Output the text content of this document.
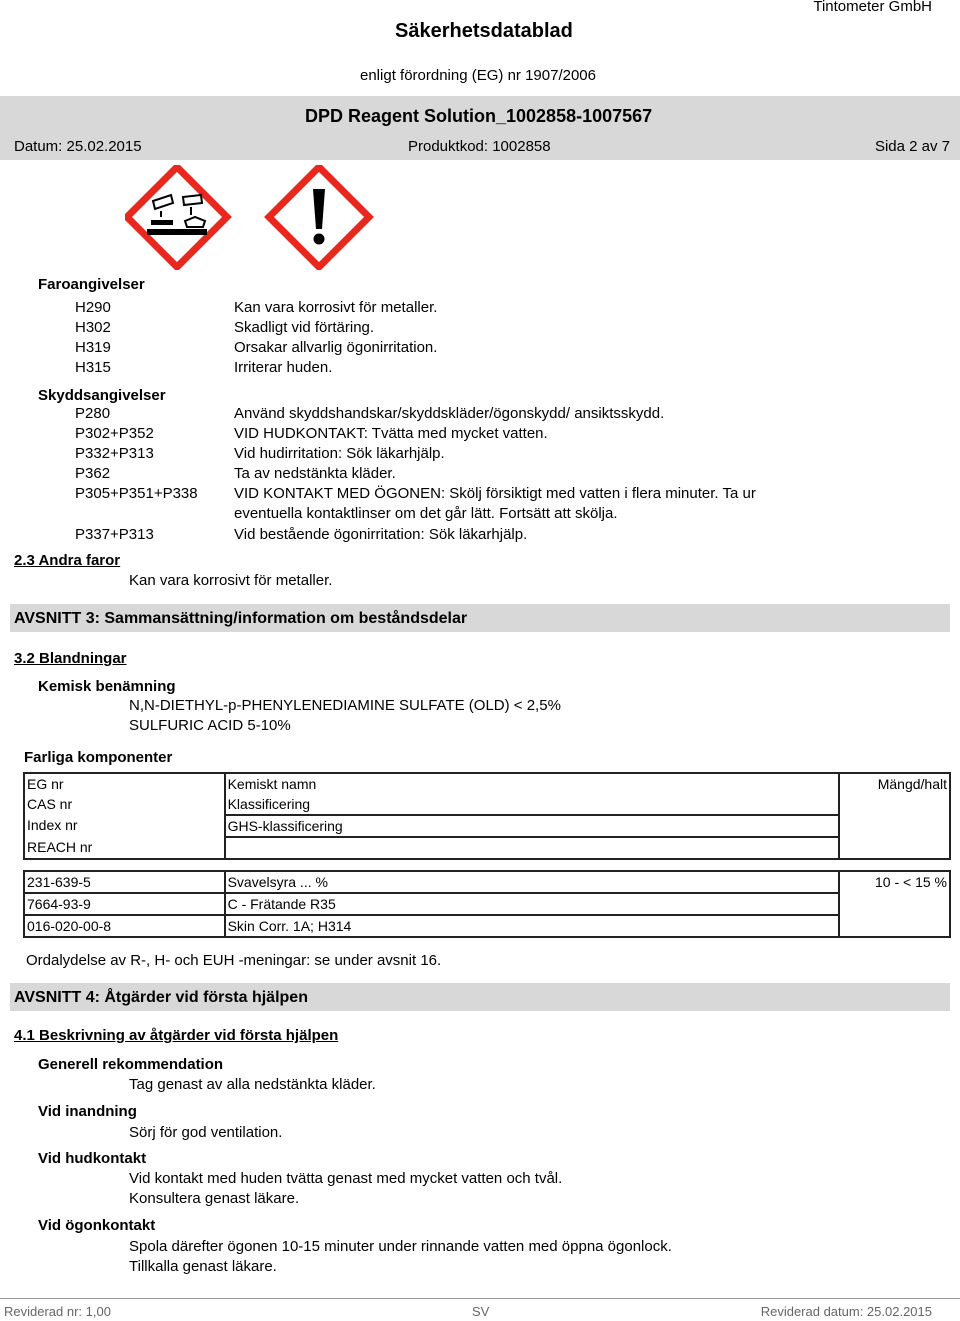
Säkerhetsdatablad
Tintometer GmbH
enligt förordning (EG) nr 1907/2006
DPD Reagent Solution_1002858-1007567
Datum: 25.02.2015	Produktkod: 1002858	Sida 2 av 7
Faroangivelser
H290	Kan vara korrosivt för metaller.
H302	Skadligt vid förtäring.
H319	Orsakar allvarlig ögonirritation.
H315	Irriterar huden.
Skyddsangivelser
P280	Använd skyddshandskar/skyddskläder/ögonskydd/ ansiktsskydd.
P302+P352	VID HUDKONTAKT: Tvätta med mycket vatten.
P332+P313	Vid hudirritation: Sök läkarhjälp.
P362	Ta av nedstänkta kläder.
P305+P351+P338 VID KONTAKT MED ÖGONEN: Skölj försiktigt med vatten i flera minuter. Ta ur
eventuella kontaktlinser om det går lätt. Fortsätt att skölja.
P337+P313	Vid bestående ögonirritation: Sök läkarhjälp.
2.3 Andra faror
Kan vara korrosivt för metaller.
AVSNITT 3: Sammansättning/information om beståndsdelar
3.2 Blandningar
Kemisk benämning
N,N-DIETHYL-p-PHENYLENEDIAMINE SULFATE (OLD) < 2,5%
SULFURIC ACID 5-10%
Farliga komponenter
EG nr	Kemiskt namn	Mängd/halt
CAS nr	Klassificering	
Index nr	GHS-klassificering	
REACH nr		

231-639-5	Svavelsyra ... %	10 - < 15 %
7664-93-9	C - Frätande R35	
016-020-00-8	Skin Corr. 1A; H314	
Ordalydelse av R-, H- och EUH -meningar: se under avsnit 16.
AVSNITT 4: Åtgärder vid första hjälpen
4.1 Beskrivning av åtgärder vid första hjälpen
Generell rekommendation
Tag genast av alla nedstänkta kläder.
Vid inandning
Sörj för god ventilation.
Vid hudkontakt
Vid kontakt med huden tvätta genast med mycket vatten och tvål.
Konsultera genast läkare.
Vid ögonkontakt
Spola därefter ögonen 10-15 minuter under rinnande vatten med öppna ögonlock.
Tillkalla genast läkare.
Reviderad nr: 1,00	SV	Reviderad datum: 25.02.2015
